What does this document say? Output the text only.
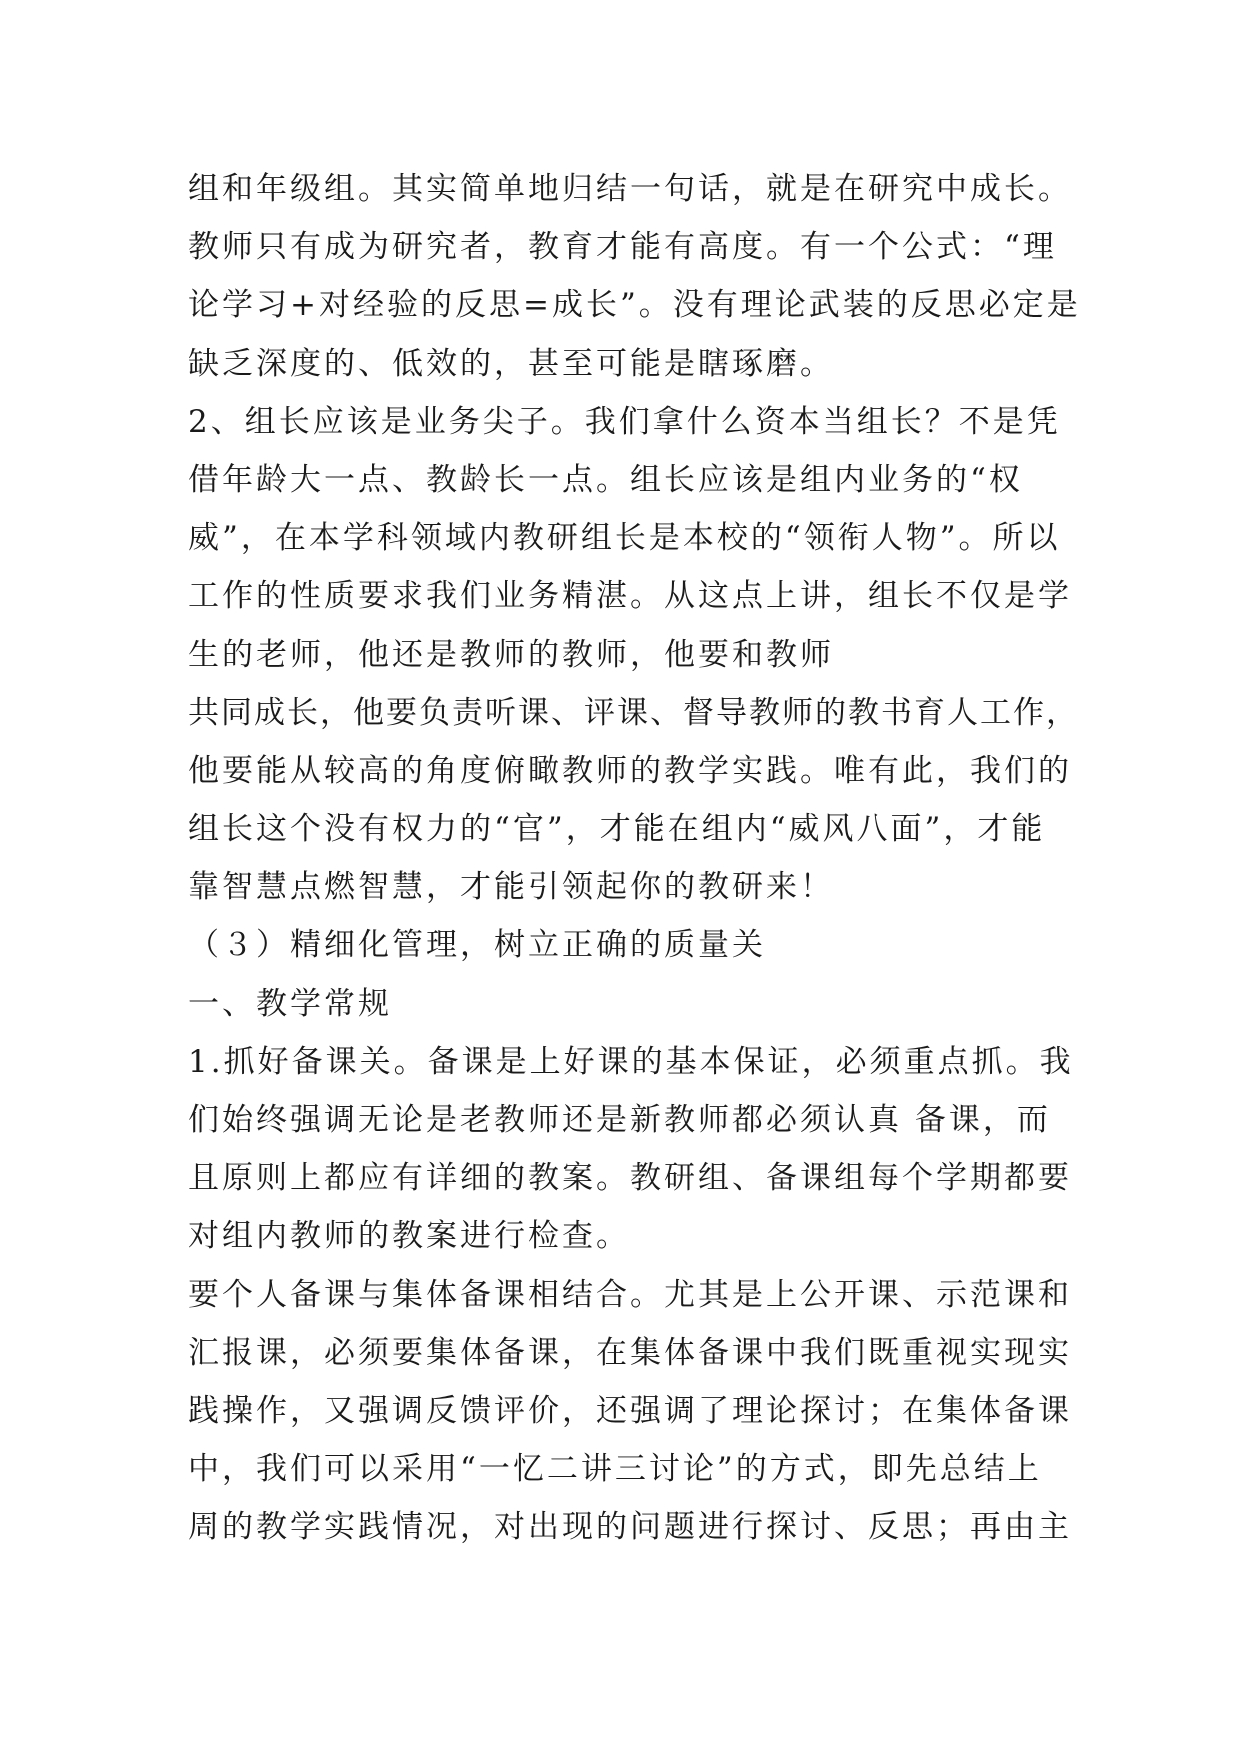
组和年级组。其实简单地归结一句话，就是在研究中成长。
教师只有成为研究者，教育才能有高度。有一个公式：“理
论学习+对经验的反思=成长”。没有理论武装的反思必定是
缺乏深度的、低效的，甚至可能是瞎琢磨。
2、组长应该是业务尖子。我们拿什么资本当组长？不是凭
借年龄大一点、教龄长一点。组长应该是组内业务的“权
威”，在本学科领域内教研组长是本校的“领衔人物”。所以
工作的性质要求我们业务精湛。从这点上讲，组长不仅是学
生的老师，他还是教师的教师，他要和教师
共同成长，他要负责听课、评课、督导教师的教书育人工作，
他要能从较高的角度俯瞰教师的教学实践。唯有此，我们的
组长这个没有权力的“官”，才能在组内“威风八面”，才能
靠智慧点燃智慧，才能引领起你的教研来！
（３）精细化管理，树立正确的质量关
一、教学常规
1.抓好备课关。备课是上好课的基本保证，必须重点抓。我
们始终强调无论是老教师还是新教师都必须认真 备课，而
且原则上都应有详细的教案。教研组、备课组每个学期都要
对组内教师的教案进行检查。
要个人备课与集体备课相结合。尤其是上公开课、示范课和
汇报课，必须要集体备课，在集体备课中我们既重视实现实
践操作，又强调反馈评价，还强调了理论探讨；在集体备课
中，我们可以采用“一忆二讲三讨论”的方式，即先总结上
周的教学实践情况，对出现的问题进行探讨、反思；再由主
